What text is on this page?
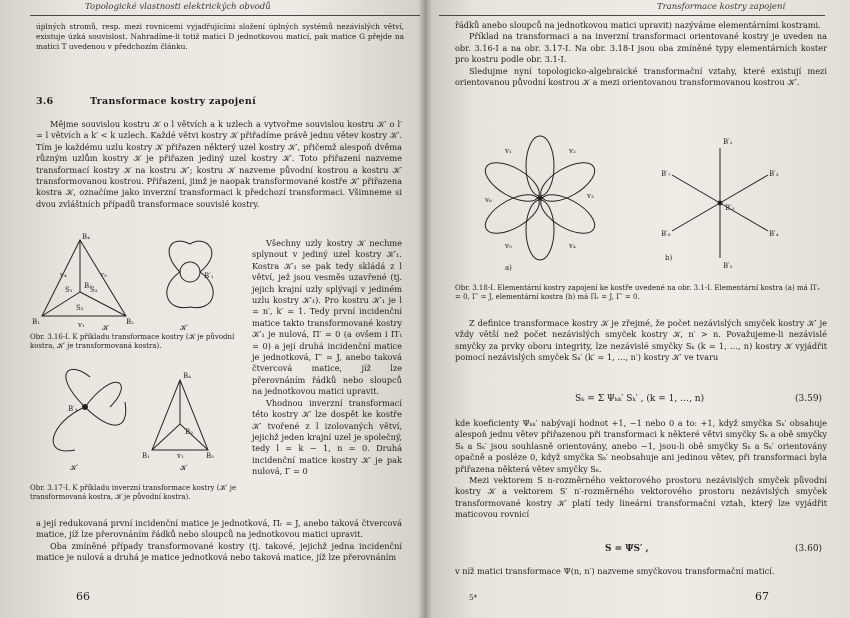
Topologické vlastnosti elektrických obvodů
úplných stromů, resp. mezi rovnicemi vyjadřujícími složení úplných systémů nezávislých větví, existuje úzká souvislost. Nahradíme-li totiž matici D jednotkovou maticí, pak matice G přejde na matici T uvedenou v předchozím článku.
3.6	Transformace kostry zapojení

Mějme souvislou kostru 𝒦 o l větvích a k uzlech a vytvořme souvislou kostru 𝒦′ o l′ = l větvích a k′ < k uzlech. Každé větvi kostry 𝒦 přiřadíme právě jednu větev kostry 𝒦′. Tím je každému uzlu kostry 𝒦 přiřazen některý uzel kostry 𝒦′, přičemž alespoň dvěma různým uzlům kostry 𝒦 je přiřazen jediný uzel kostry 𝒦′. Toto přiřazení nazveme transformací kostry 𝒦 na kostru 𝒦′; kostru 𝒦 nazveme původní kostrou a kostru 𝒦′ transformovanou kostrou. Přiřazení, jimž je naopak transformované kostře 𝒦′ přiřazena kostra 𝒦, označíme jako inverzní transformaci k předchozí transformaci. Všimneme si dvou zvláštních případů transformace souvislé kostry.

B₄
B₁	B₂
B₃
v₄	v₅
v₁
S₁ S₃
S₂
𝒦	𝒦′
B′₁
Obr. 3.16-I. K příkladu transformace kostry (𝒦 je původní kostra, 𝒦′ je transformovaná kostra).
B′₁
𝒦′	𝒦
B₄
B₁	B₂
B₃
v₁
Obr. 3.17-I. K příkladu inverzní transformace kostry (𝒦′ je transformovaná kostra, 𝒦 je původní kostra).

Všechny uzly kostry 𝒦 nechme splynout v jediný uzel kostry 𝒦′₁. Kostra 𝒦′₁ se pak tedy skládá z l větví, jež jsou vesměs uzavřené (tj. jejich krajní uzly splývají v jediném uzlu kostry 𝒦′₁). Pro kostru 𝒦′₁ je l = n′, k′ = 1. Tedy první incidenční matice takto transformované kostry 𝒦′₁ je nulová, Π′ = 0 (a ovšem i Π′ₜ = 0) a její druhá incidenční matice je jednotková, Γ′ = J, anebo taková čtvercová matice, jíž lze přerovnáním řádků nebo sloupců na jednotkovou matici upravit.

Vhodnou inverzní transformací této kostry 𝒦′ lze dospět ke kostře 𝒦′ tvořené z l izolovaných větví, jejichž jeden krajní uzel je společný, tedy l = k − 1, n = 0. Druhá incidenční matice kostry 𝒦′ je pak nulová, Γ = 0

a její redukovaná první incidenční matice je jednotková, Πᵣ = J, anebo taková čtvercová matice, jíž lze přerovnáním řádků nebo sloupců na jednotkovou matici upravit.

Oba zmíněné případy transformované kostry (tj. takové, jejichž jedna incidenční matice je nulová a druhá je matice jednotková nebo taková matice, jíž lze přerovnáním

66
Transformace kostry zapojení

řádků anebo sloupců na jednotkovou matici upravit) nazýváme elementárními kostrami.

Příklad na transformaci a na inverzní transformaci orientované kostry je uveden na obr. 3.16-I a na obr. 3.17-I. Na obr. 3.18-I jsou oba zmíněné typy elementárních koster pro kostru podle obr. 3.1-I.

Sledujme nyní topologicko-algebraické transformační vztahy, které existují mezi orientovanou původní kostrou 𝒦 a mezi orientovanou transformovanou kostrou 𝒦′.

v₁	v₂
v₃
v₄
v₅
v₆
a)
b)
B′₂
B′₃
B′₄
B′₅
B′₆
B′₇
B′₁
Obr. 3.18-I. Elementární kostry zapojení ke kostře uvedené na obr. 3.1-I. Elementární kostra (a) má Π′ᵣ = 0, Γ′ = J, elementární kostra (b) má Πᵣ = J, Γ′ = 0.

Z definice transformace kostry 𝒦 je zřejmé, že počet nezávislých smyček kostry 𝒦′ je vždy větší než počet nezávislých smyček kostry 𝒦, n′ > n. Považujeme-li nezávislé smyčky za prvky oboru integrity, lze nezávislé smyčky Sₖ (k = 1, …, n) kostry 𝒦 vyjádřit pomocí nezávislých smyček Sₖ′ (k′ = 1, …, n′) kostry 𝒦′ ve tvaru

Sₖ = Σ Ψₖₖ′ Sₖ′ , (k = 1, …, n)	(3.59)

kde koeficienty Ψₖₖ′ nabývají hodnot +1, −1 nebo 0 a to: +1, když smyčka Sₖ′ obsahuje alespoň jednu větev přiřazenou při transformaci k některé větvi smyčky Sₖ a obě smyčky Sₖ a Sₖ′ jsou souhlasně orientovány, anebo −1, jsou-li obě smyčky Sₖ a Sₖ′ orientovány opačně a posléze 0, když smyčka Sₖ′ neobsahuje ani jedinou větev, při transformaci byla přiřazena některá větev smyčky Sₖ.

Mezi vektorem S n-rozměrného vektorového prostoru nezávislých smyček původní kostry 𝒦 a vektorem S′ n′-rozměrného vektorového prostoru nezávislých smyček transformované kostry 𝒦′ platí tedy lineární transformační vztah, který lze vyjádřit maticovou rovnicí

S = ΨS′ ,	(3.60)
v níž matici transformace Ψ(n, n′) nazveme smyčkovou transformační maticí.
5*	67
